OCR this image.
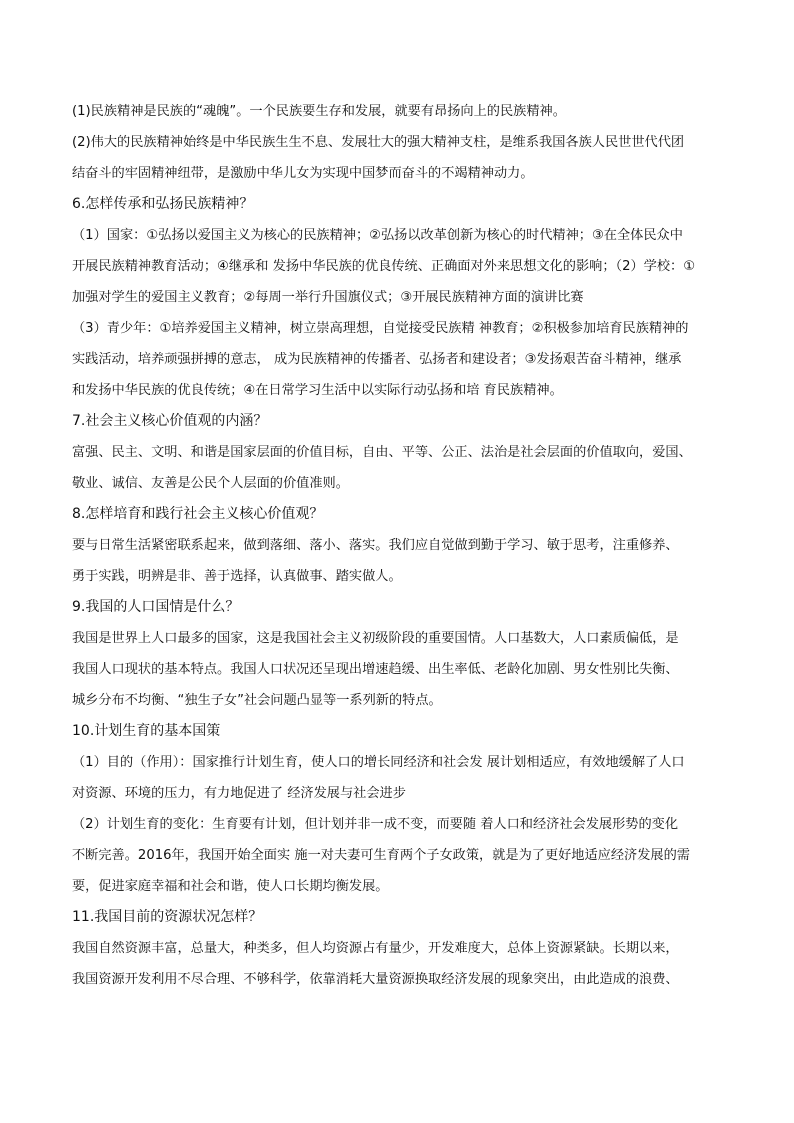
(1)民族精神是民族的“魂魄”。一个民族要生存和发展，就要有昂扬向上的民族精神。
(2)伟大的民族精神始终是中华民族生生不息、发展壮大的强大精神支柱，是维系我国各族人民世世代代团
结奋斗的牢固精神纽带，是激励中华儿女为实现中国梦而奋斗的不竭精神动力。
6.怎样传承和弘扬民族精神？
（1）国家：①弘扬以爱国主义为核心的民族精神；②弘扬以改革创新为核心的时代精神；③在全体民众中
开展民族精神教育活动；④继承和 发扬中华民族的优良传统、正确面对外来思想文化的影响；（2）学校：①
加强对学生的爱国主义教育；②每周一举行升国旗仪式；③开展民族精神方面的演讲比赛
（3）青少年：①培养爱国主义精神，树立崇高理想，自觉接受民族精 神教育；②积极参加培育民族精神的
实践活动，培养顽强拼搏的意志， 成为民族精神的传播者、弘扬者和建设者；③发扬艰苦奋斗精神，继承
和发扬中华民族的优良传统；④在日常学习生活中以实际行动弘扬和培 育民族精神。
7.社会主义核心价值观的内涵？
富强、民主、文明、和谐是国家层面的价值目标，自由、平等、公正、法治是社会层面的价值取向，爱国、
敬业、诚信、友善是公民个人层面的价值准则。
8.怎样培育和践行社会主义核心价值观？
要与日常生活紧密联系起来，做到落细、落小、落实。我们应自觉做到勤于学习、敏于思考，注重修养、
勇于实践，明辨是非、善于选择，认真做事、踏实做人。
9.我国的人口国情是什么？
我国是世界上人口最多的国家，这是我国社会主义初级阶段的重要国情。人口基数大，人口素质偏低，是
我国人口现状的基本特点。我国人口状况还呈现出增速趋缓、出生率低、老龄化加剧、男女性别比失衡、
城乡分布不均衡、“独生子女”社会问题凸显等一系列新的特点。
10.计划生育的基本国策
（1）目的（作用）：国家推行计划生育，使人口的增长同经济和社会发 展计划相适应，有效地缓解了人口
对资源、环境的压力，有力地促进了 经济发展与社会进步
（2）计划生育的变化：生育要有计划，但计划并非一成不变，而要随 着人口和经济社会发展形势的变化
不断完善。2016年，我国开始全面实 施一对夫妻可生育两个子女政策，就是为了更好地适应经济发展的需
要，促进家庭幸福和社会和谐，使人口长期均衡发展。
11.我国目前的资源状况怎样？
我国自然资源丰富，总量大，种类多，但人均资源占有量少，开发难度大，总体上资源紧缺。长期以来，
我国资源开发利用不尽合理、不够科学，依靠消耗大量资源换取经济发展的现象突出，由此造成的浪费、
